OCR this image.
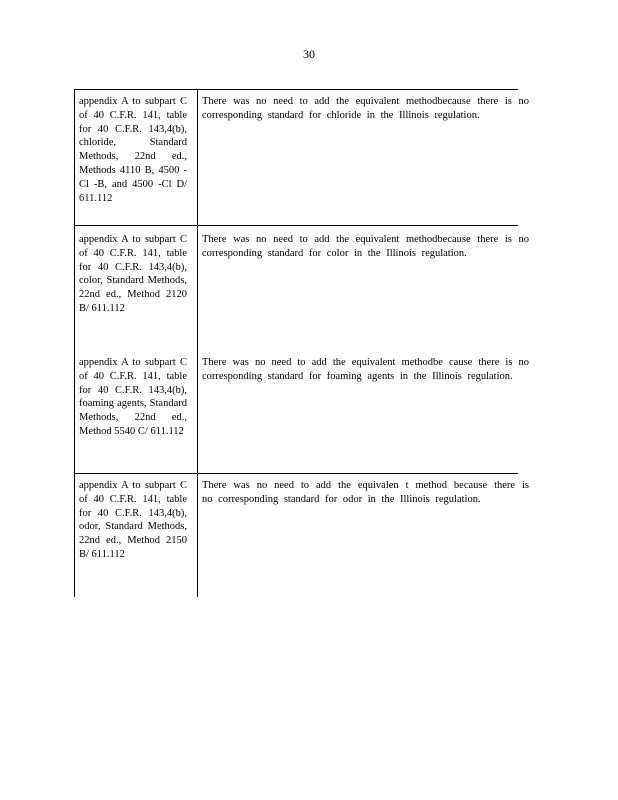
30
appendix A to subpart C of 40 C.F.R. 141, table for 40 C.F.R. 143,4(b), chloride, Standard Methods, 22nd ed., Methods 4110 B, 4500 -Cl -B, and 4500 -Cl D/ 611.112
There was no need to add the equivalent methodbecause there is no corresponding standard for chloride in the Illinois regulation.
appendix A to subpart C of 40 C.F.R. 141, table for 40 C.F.R. 143,4(b), color, Standard Methods, 22nd ed., Method 2120 B/ 611.112
There was no need to add the equivalent methodbecause there is no corresponding standard for color in the Illinois regulation.
appendix A to subpart C of 40 C.F.R. 141, table for 40 C.F.R. 143,4(b), foaming agents, Standard Methods, 22nd ed., Method 5540 C/ 611.112
There was no need to add the equivalent methodbe cause there is no corresponding standard for foaming agents in the Illinois regulation.
appendix A to subpart C of 40 C.F.R. 141, table for 40 C.F.R. 143,4(b), odor, Standard Methods, 22nd ed., Method 2150 B/ 611.112
There was no need to add the equivalen t method because there is no corresponding standard for odor in the Illinois regulation.
